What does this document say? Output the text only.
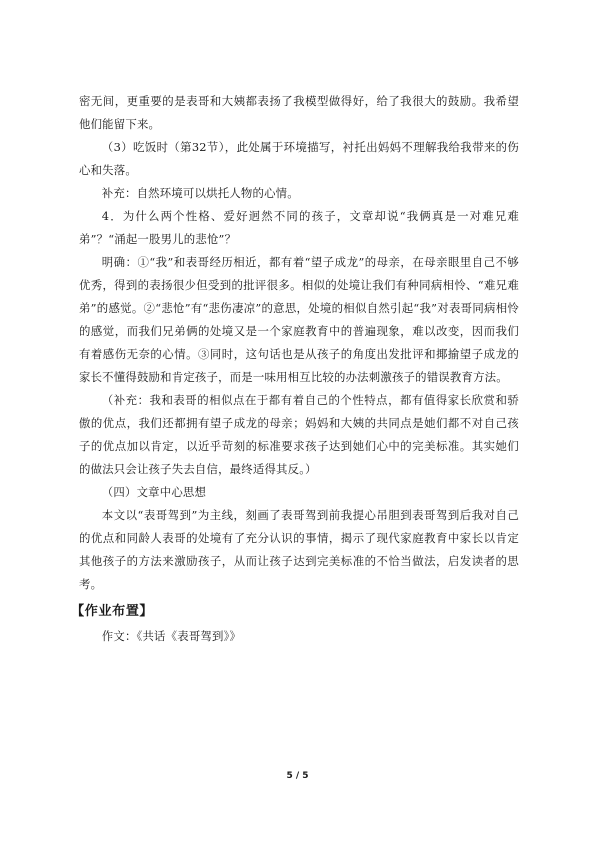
密无间，更重要的是表哥和大姨都表扬了我模型做得好，给了我很大的鼓励。我希望他们能留下来。

（3）吃饭时（第32节），此处属于环境描写，衬托出妈妈不理解我给我带来的伤心和失落。

补充：自然环境可以烘托人物的心情。

4．为什么两个性格、爱好迥然不同的孩子，文章却说“我俩真是一对难兄难弟”？“涌起一股男儿的悲怆”？

明确：①“我”和表哥经历相近，都有着“望子成龙”的母亲，在母亲眼里自己不够优秀，得到的表扬很少但受到的批评很多。相似的处境让我们有种同病相怜、“难兄难弟”的感觉。②“悲怆”有“悲伤凄凉”的意思，处境的相似自然引起“我”对表哥同病相怜的感觉，而我们兄弟俩的处境又是一个家庭教育中的普遍现象，难以改变，因而我们有着感伤无奈的心情。③同时，这句话也是从孩子的角度出发批评和揶揄望子成龙的家长不懂得鼓励和肯定孩子，而是一味用相互比较的办法刺激孩子的错误教育方法。

（补充：我和表哥的相似点在于都有着自己的个性特点，都有值得家长欣赏和骄傲的优点，我们还都拥有望子成龙的母亲；妈妈和大姨的共同点是她们都不对自己孩子的优点加以肯定，以近乎苛刻的标准要求孩子达到她们心中的完美标准。其实她们的做法只会让孩子失去自信，最终适得其反。）

（四）文章中心思想

本文以“表哥驾到”为主线，刻画了表哥驾到前我提心吊胆到表哥驾到后我对自己的优点和同龄人表哥的处境有了充分认识的事情，揭示了现代家庭教育中家长以肯定其他孩子的方法来激励孩子，从而让孩子达到完美标准的不恰当做法，启发读者的思考。

【作业布置】

作文：《共话《表哥驾到》》

5 / 5
